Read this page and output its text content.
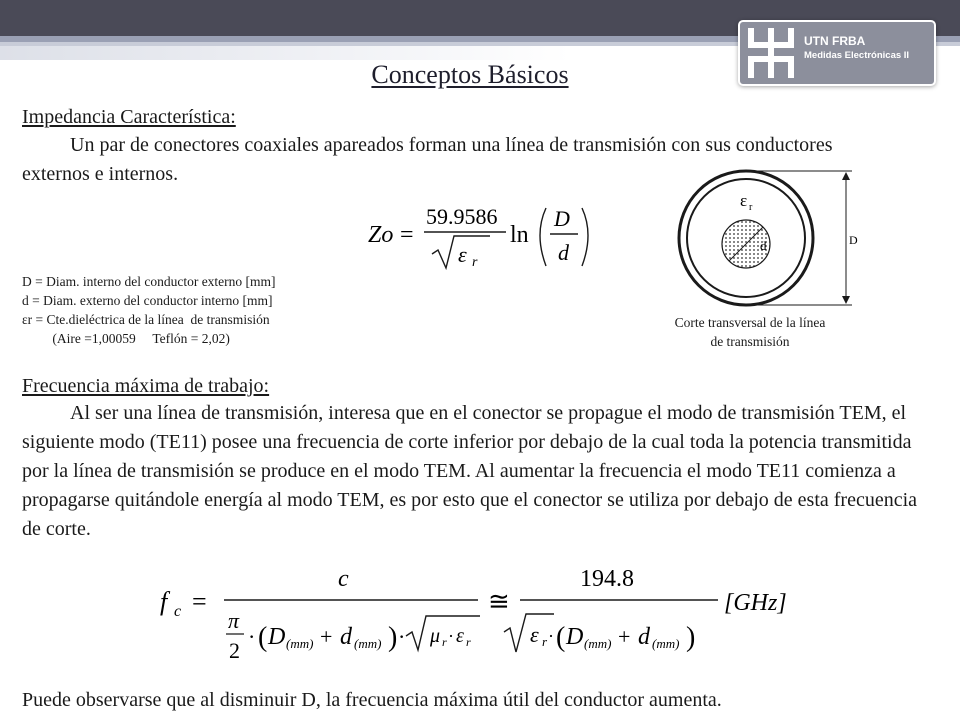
UTN FRBA
Medidas Electrónicas II
Conceptos Básicos
Impedancia Característica:
Un par de conectores coaxiales apareados forman una línea de transmisión con sus conductores externos e internos.
Zo =
59.9586
ε r
ln
D
d
D = Diam. interno del conductor externo [mm]
d = Diam. externo del conductor interno [mm]
εr = Cte.dieléctrica de la línea  de transmisión
(Aire =1,00059     Teflón = 2,02)
d
ε r
D
Corte transversal de la línea
de transmisión
Frecuencia máxima de trabajo:
Al ser una línea de transmisión, interesa que en el conector se propague el modo de transmisión TEM, el siguiente modo (TE11) posee una frecuencia de corte inferior por debajo de la cual toda la potencia transmitida por la línea de transmisión se produce en el modo TEM. Al aumentar la frecuencia el modo TE11 comienza a propagarse quitándole energía al modo TEM, es por esto que el conector se utiliza por debajo de esta frecuencia de corte.
f c =
c
π
2
· ( D (mm) + d (mm) ) · μ r · ε r
≅
194.8
ε r · ( D (mm) + d (mm) )
[GHz]
Puede observarse que al disminuir D, la frecuencia máxima útil del conductor aumenta.
